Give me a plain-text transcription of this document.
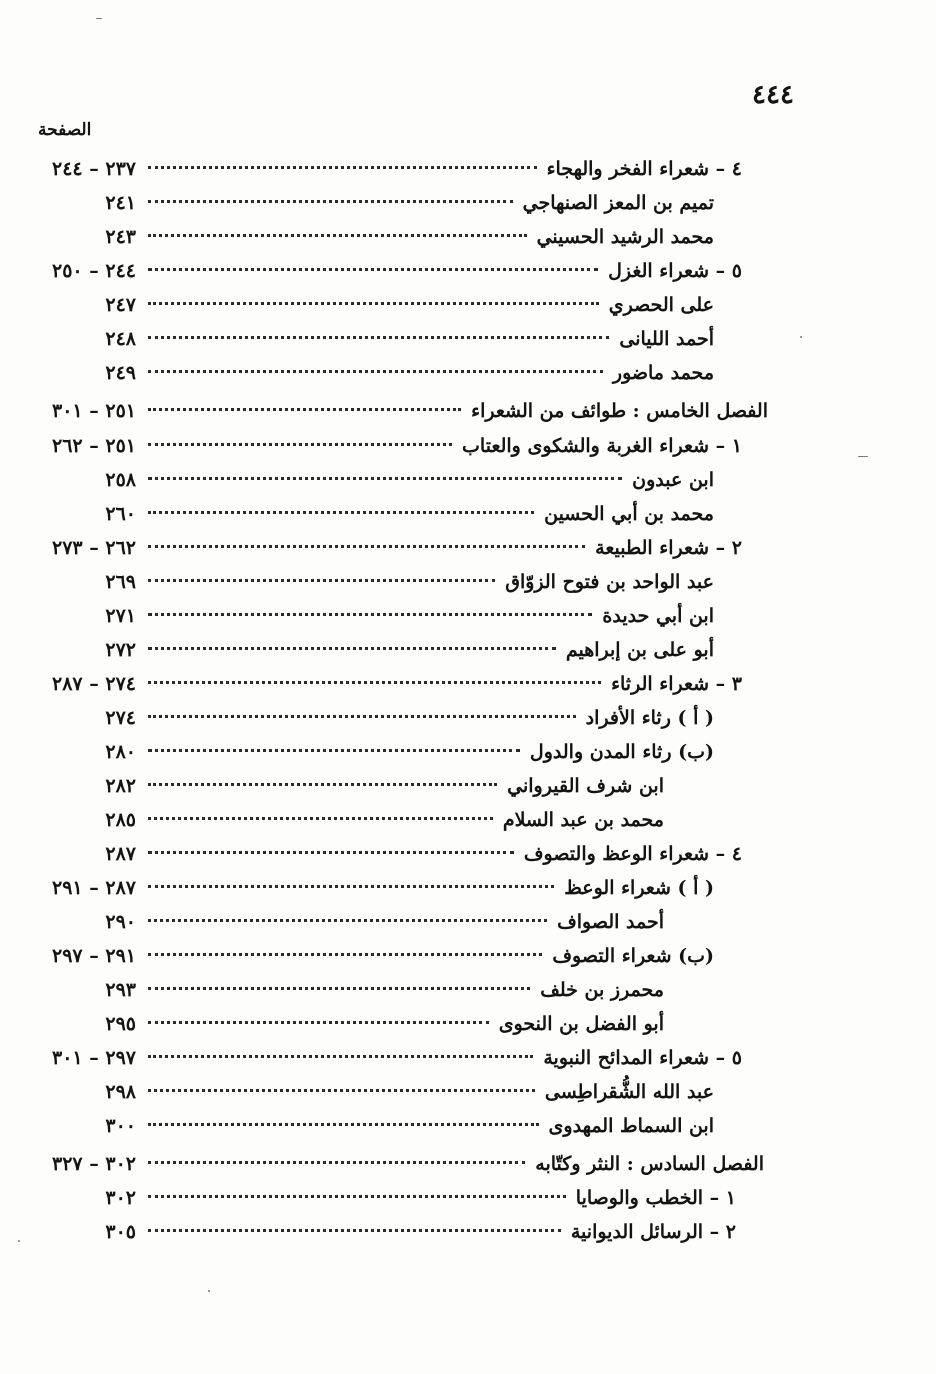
٤٤٤
الصفحة
٤ – شعراء الفخر والهجاء
٢٣٧ – ٢٤٤
تميم بن المعز الصنهاجي
٢٤١
محمد الرشيد الحسيني
٢٤٣
٥ – شعراء الغزل
٢٤٤ – ٢٥٠
على الحصري
٢٤٧
أحمد الليانى
٢٤٨
محمد ماضور
٢٤٩
الفصل الخامس : طوائف من الشعراء
٢٥١ – ٣٠١
١ – شعراء الغربة والشكوى والعتاب
٢٥١ – ٢٦٢
ابن عبدون
٢٥٨
محمد بن أبي الحسين
٢٦٠
٢ – شعراء الطبيعة
٢٦٢ – ٢٧٣
عبد الواحد بن فتوح الزوّاق
٢٦٩
ابن أبي حديدة
٢٧١
أبو على بن إبراهيم
٢٧٢
٣ – شعراء الرثاء
٢٧٤ – ٢٨٧
( أ ) رثاء الأفراد
٢٧٤
(ب) رثاء المدن والدول
٢٨٠
ابن شرف القيرواني
٢٨٢
محمد بن عبد السلام
٢٨٥
٤ – شعراء الوعظ والتصوف
٢٨٧
( أ ) شعراء الوعظ
٢٨٧ – ٢٩١
أحمد الصواف
٢٩٠
(ب) شعراء التصوف
٢٩١ – ٢٩٧
محمرز بن خلف
٢٩٣
أبو الفضل بن النحوى
٢٩٥
٥ – شعراء المدائح النبوية
٢٩٧ – ٣٠١
عبد الله الشُّقراطِسى
٢٩٨
ابن السماط المهدوى
٣٠٠
الفصل السادس : النثر وكتّابه
٣٠٢ – ٣٢٧
١ – الخطب والوصايا
٣٠٢
٢ – الرسائل الديوانية
٣٠٥
